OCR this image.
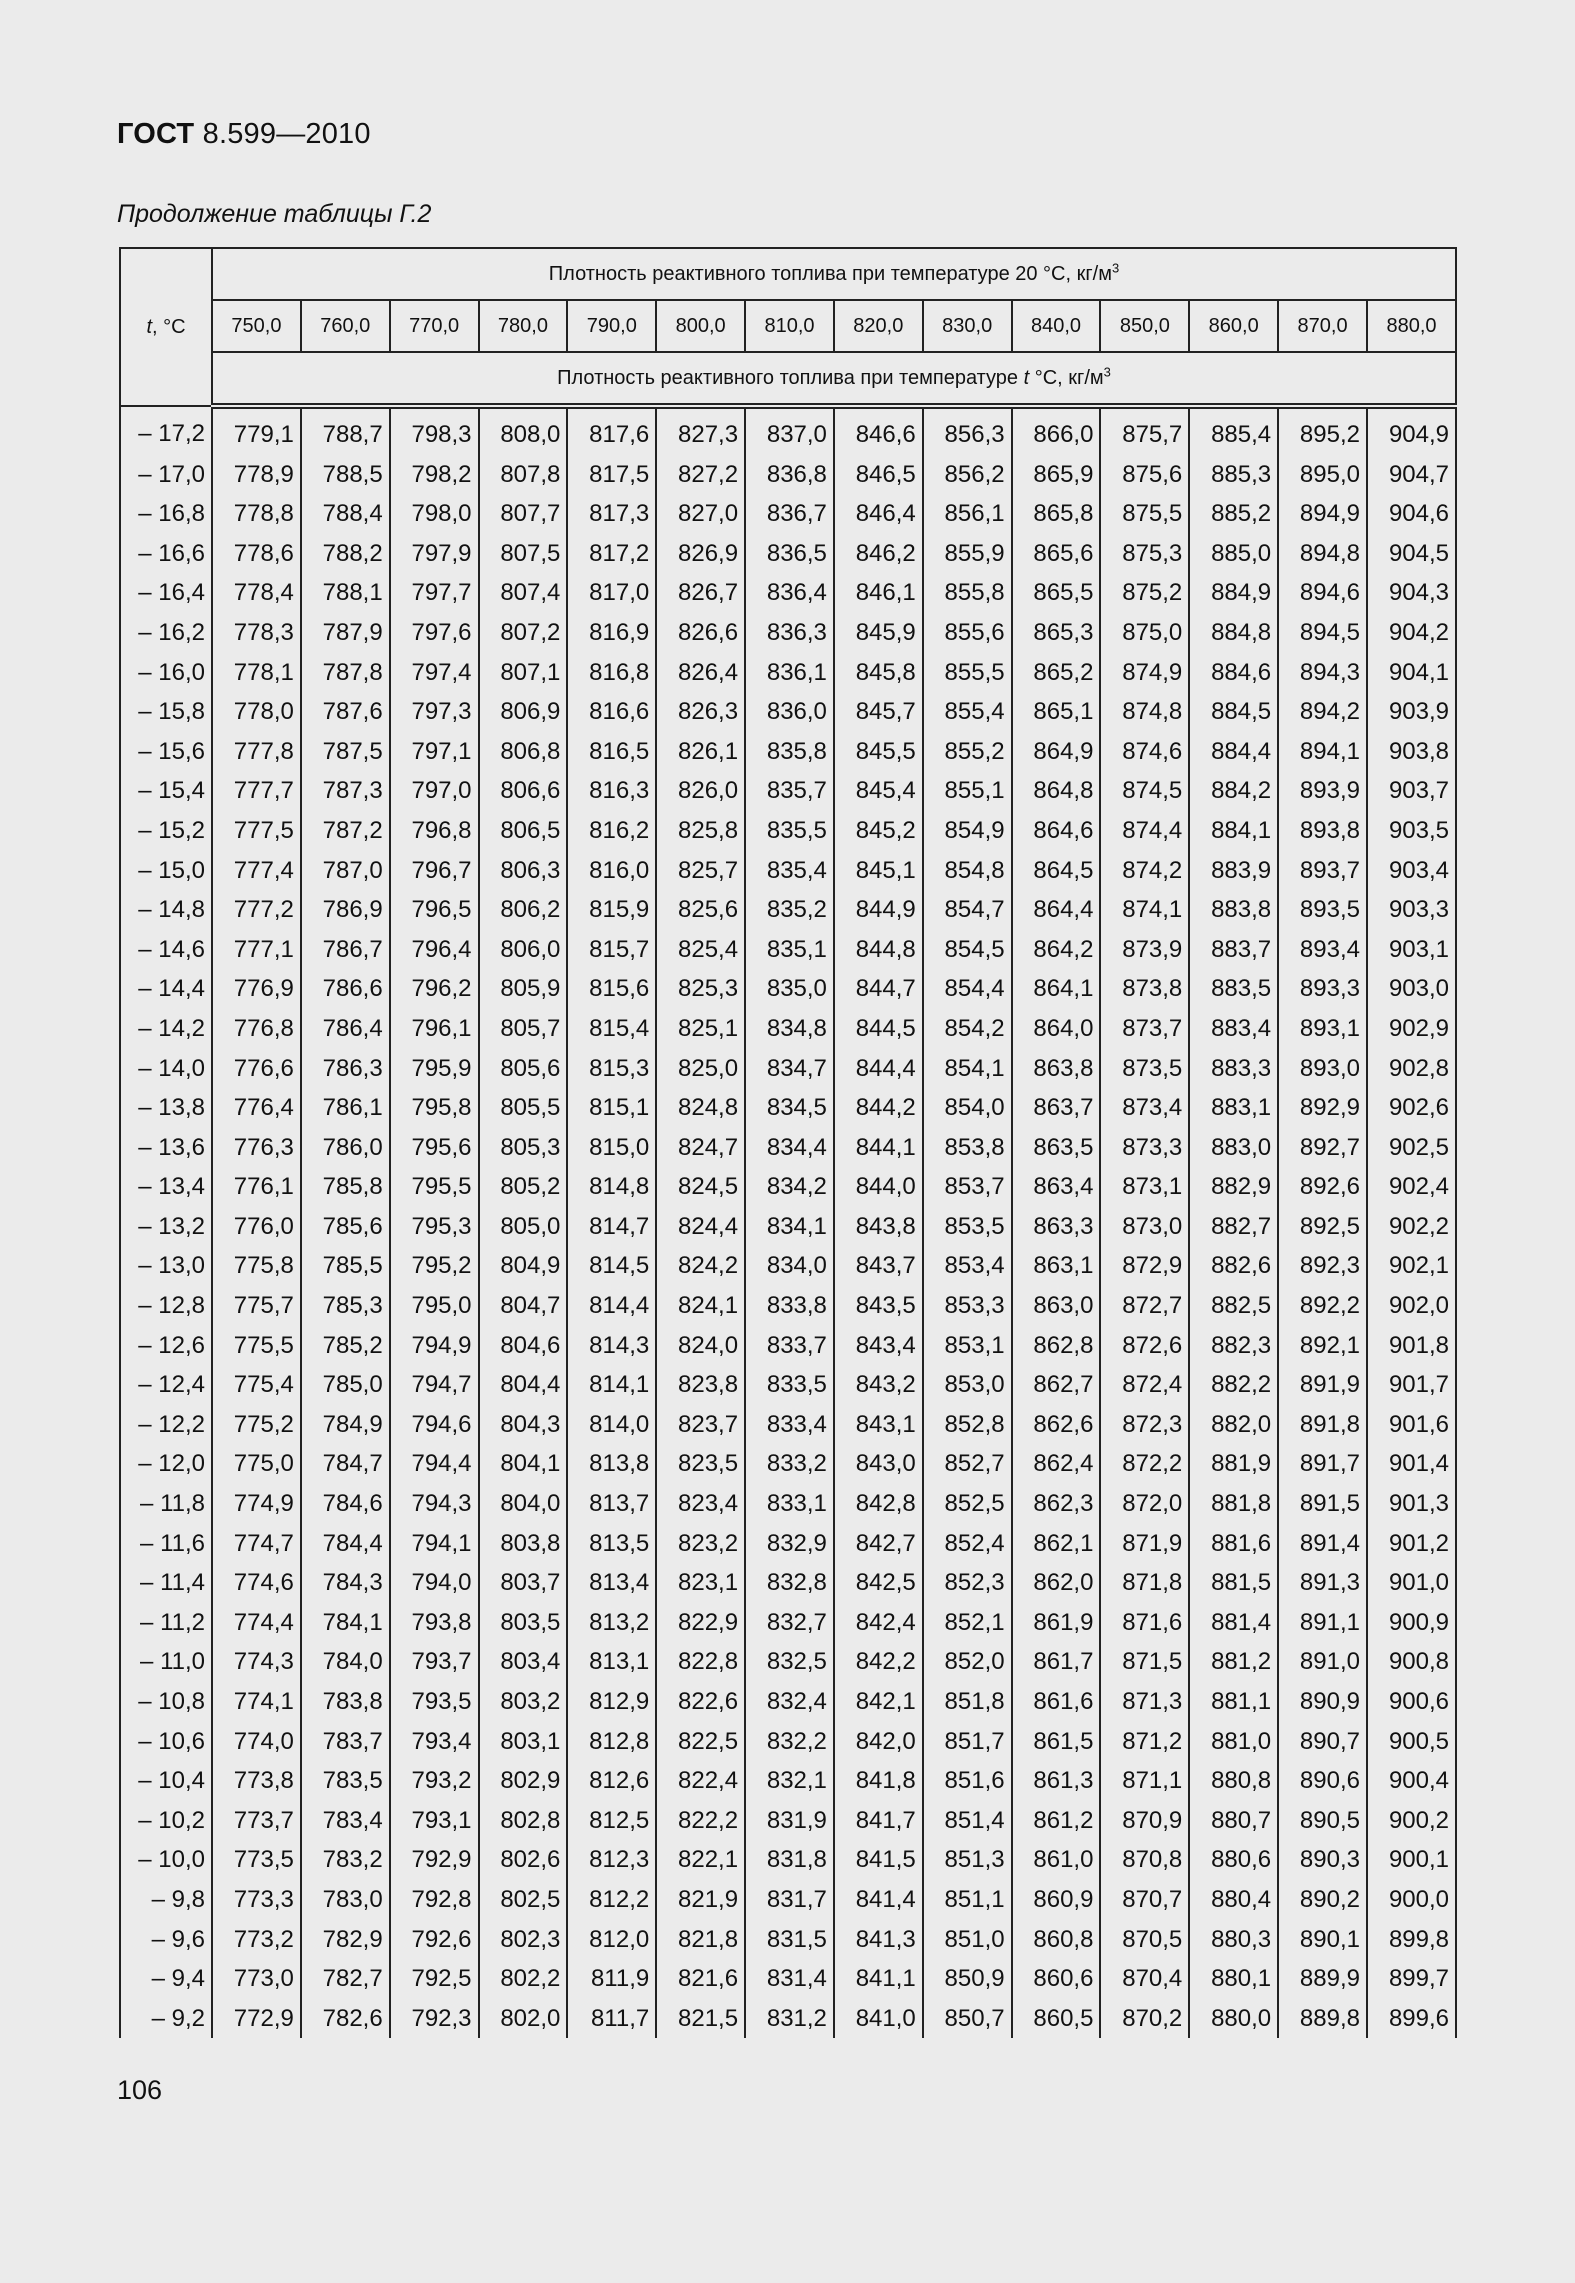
ГОСТ 8.599—2010
Продолжение таблицы Г.2
t, °С	Плотность реактивного топлива при температуре 20 °С, $кг/м^3$
	750,0	760,0	770,0	780,0	790,0	800,0	810,0	820,0	830,0	840,0	850,0	860,0	870,0	880,0
	Плотность реактивного топлива при температуре t °С, $кг/м^3$
– 17,2	779,1	788,7	798,3	808,0	817,6	827,3	837,0	846,6	856,3	866,0	875,7	885,4	895,2	904,9
– 17,0	778,9	788,5	798,2	807,8	817,5	827,2	836,8	846,5	856,2	865,9	875,6	885,3	895,0	904,7
– 16,8	778,8	788,4	798,0	807,7	817,3	827,0	836,7	846,4	856,1	865,8	875,5	885,2	894,9	904,6
– 16,6	778,6	788,2	797,9	807,5	817,2	826,9	836,5	846,2	855,9	865,6	875,3	885,0	894,8	904,5
– 16,4	778,4	788,1	797,7	807,4	817,0	826,7	836,4	846,1	855,8	865,5	875,2	884,9	894,6	904,3
– 16,2	778,3	787,9	797,6	807,2	816,9	826,6	836,3	845,9	855,6	865,3	875,0	884,8	894,5	904,2
– 16,0	778,1	787,8	797,4	807,1	816,8	826,4	836,1	845,8	855,5	865,2	874,9	884,6	894,3	904,1
– 15,8	778,0	787,6	797,3	806,9	816,6	826,3	836,0	845,7	855,4	865,1	874,8	884,5	894,2	903,9
– 15,6	777,8	787,5	797,1	806,8	816,5	826,1	835,8	845,5	855,2	864,9	874,6	884,4	894,1	903,8
– 15,4	777,7	787,3	797,0	806,6	816,3	826,0	835,7	845,4	855,1	864,8	874,5	884,2	893,9	903,7
– 15,2	777,5	787,2	796,8	806,5	816,2	825,8	835,5	845,2	854,9	864,6	874,4	884,1	893,8	903,5
– 15,0	777,4	787,0	796,7	806,3	816,0	825,7	835,4	845,1	854,8	864,5	874,2	883,9	893,7	903,4
– 14,8	777,2	786,9	796,5	806,2	815,9	825,6	835,2	844,9	854,7	864,4	874,1	883,8	893,5	903,3
– 14,6	777,1	786,7	796,4	806,0	815,7	825,4	835,1	844,8	854,5	864,2	873,9	883,7	893,4	903,1
– 14,4	776,9	786,6	796,2	805,9	815,6	825,3	835,0	844,7	854,4	864,1	873,8	883,5	893,3	903,0
– 14,2	776,8	786,4	796,1	805,7	815,4	825,1	834,8	844,5	854,2	864,0	873,7	883,4	893,1	902,9
– 14,0	776,6	786,3	795,9	805,6	815,3	825,0	834,7	844,4	854,1	863,8	873,5	883,3	893,0	902,8
– 13,8	776,4	786,1	795,8	805,5	815,1	824,8	834,5	844,2	854,0	863,7	873,4	883,1	892,9	902,6
– 13,6	776,3	786,0	795,6	805,3	815,0	824,7	834,4	844,1	853,8	863,5	873,3	883,0	892,7	902,5
– 13,4	776,1	785,8	795,5	805,2	814,8	824,5	834,2	844,0	853,7	863,4	873,1	882,9	892,6	902,4
– 13,2	776,0	785,6	795,3	805,0	814,7	824,4	834,1	843,8	853,5	863,3	873,0	882,7	892,5	902,2
– 13,0	775,8	785,5	795,2	804,9	814,5	824,2	834,0	843,7	853,4	863,1	872,9	882,6	892,3	902,1
– 12,8	775,7	785,3	795,0	804,7	814,4	824,1	833,8	843,5	853,3	863,0	872,7	882,5	892,2	902,0
– 12,6	775,5	785,2	794,9	804,6	814,3	824,0	833,7	843,4	853,1	862,8	872,6	882,3	892,1	901,8
– 12,4	775,4	785,0	794,7	804,4	814,1	823,8	833,5	843,2	853,0	862,7	872,4	882,2	891,9	901,7
– 12,2	775,2	784,9	794,6	804,3	814,0	823,7	833,4	843,1	852,8	862,6	872,3	882,0	891,8	901,6
– 12,0	775,0	784,7	794,4	804,1	813,8	823,5	833,2	843,0	852,7	862,4	872,2	881,9	891,7	901,4
– 11,8	774,9	784,6	794,3	804,0	813,7	823,4	833,1	842,8	852,5	862,3	872,0	881,8	891,5	901,3
– 11,6	774,7	784,4	794,1	803,8	813,5	823,2	832,9	842,7	852,4	862,1	871,9	881,6	891,4	901,2
– 11,4	774,6	784,3	794,0	803,7	813,4	823,1	832,8	842,5	852,3	862,0	871,8	881,5	891,3	901,0
– 11,2	774,4	784,1	793,8	803,5	813,2	822,9	832,7	842,4	852,1	861,9	871,6	881,4	891,1	900,9
– 11,0	774,3	784,0	793,7	803,4	813,1	822,8	832,5	842,2	852,0	861,7	871,5	881,2	891,0	900,8
– 10,8	774,1	783,8	793,5	803,2	812,9	822,6	832,4	842,1	851,8	861,6	871,3	881,1	890,9	900,6
– 10,6	774,0	783,7	793,4	803,1	812,8	822,5	832,2	842,0	851,7	861,5	871,2	881,0	890,7	900,5
– 10,4	773,8	783,5	793,2	802,9	812,6	822,4	832,1	841,8	851,6	861,3	871,1	880,8	890,6	900,4
– 10,2	773,7	783,4	793,1	802,8	812,5	822,2	831,9	841,7	851,4	861,2	870,9	880,7	890,5	900,2
– 10,0	773,5	783,2	792,9	802,6	812,3	822,1	831,8	841,5	851,3	861,0	870,8	880,6	890,3	900,1
– 9,8	773,3	783,0	792,8	802,5	812,2	821,9	831,7	841,4	851,1	860,9	870,7	880,4	890,2	900,0
– 9,6	773,2	782,9	792,6	802,3	812,0	821,8	831,5	841,3	851,0	860,8	870,5	880,3	890,1	899,8
– 9,4	773,0	782,7	792,5	802,2	811,9	821,6	831,4	841,1	850,9	860,6	870,4	880,1	889,9	899,7
– 9,2	772,9	782,6	792,3	802,0	811,7	821,5	831,2	841,0	850,7	860,5	870,2	880,0	889,8	899,6
106
